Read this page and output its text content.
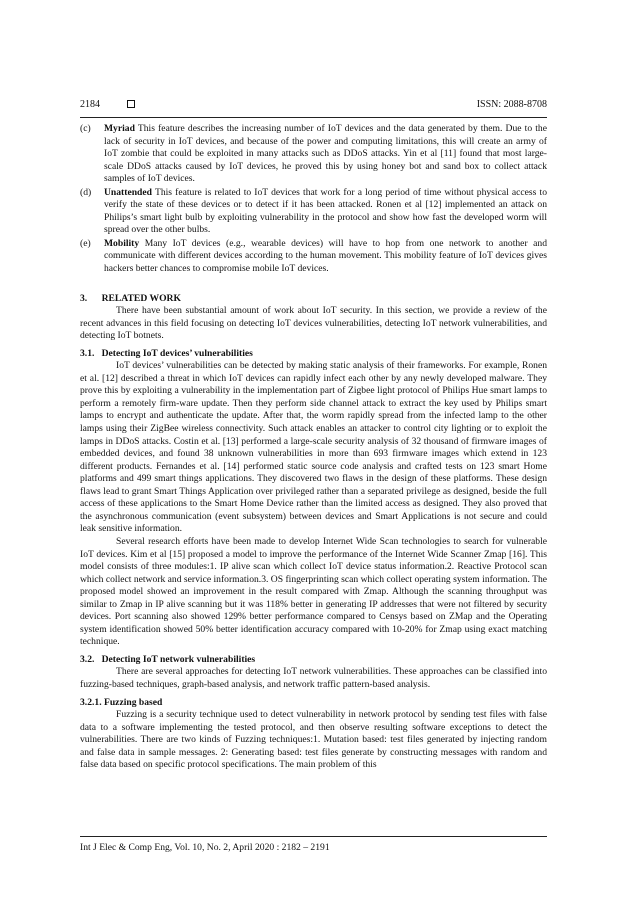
2184	ISSN: 2088-8708
(c)	Myriad This feature describes the increasing number of IoT devices and the data generated by them. Due to the lack of security in IoT devices, and because of the power and computing limitations, this will create an army of IoT zombie that could be exploited in many attacks such as DDoS attacks. Yin et al [11] found that most large-scale DDoS attacks caused by IoT devices, he proved this by using honey bot and sand box to collect attack samples of IoT devices.
(d)	Unattended This feature is related to IoT devices that work for a long period of time without physical access to verify the state of these devices or to detect if it has been attacked. Ronen et al [12] implemented an attack on Philips’s smart light bulb by exploiting vulnerability in the protocol and show how fast the developed worm will spread over the other bulbs.
(e)	Mobility Many IoT devices (e.g., wearable devices) will have to hop from one network to another and communicate with different devices according to the human movement. This mobility feature of IoT devices gives hackers better chances to compromise mobile IoT devices.
3.      RELATED WORK

There have been substantial amount of work about IoT security. In this section, we provide a review of the recent advances in this field focusing on detecting IoT devices vulnerabilities, detecting IoT network vulnerabilities, and detecting IoT botnets.

3.1.   Detecting IoT devices’ vulnerabilities

IoT devices’ vulnerabilities can be detected by making static analysis of their frameworks. For example, Ronen et al. [12] described a threat in which IoT devices can rapidly infect each other by any newly developed malware. They prove this by exploiting a vulnerability in the implementation part of Zigbee light protocol of Philips Hue smart lamps to perform a remotely firm-ware update. Then they perform side channel attack to extract the key used by Philips smart lamps to encrypt and authenticate the update. After that, the worm rapidly spread from the infected lamp to the other lamps using their ZigBee wireless connectivity. Such attack enables an attacker to control city lighting or to exploit the lamps in DDoS attacks. Costin et al. [13] performed a large-scale security analysis of 32 thousand of firmware images of embedded devices, and found 38 unknown vulnerabilities in more than 693 firmware images which extend in 123 different products. Fernandes et al. [14] performed static source code analysis and crafted tests on 123 smart Home platforms and 499 smart things applications. They discovered two flaws in the design of these platforms. These design flaws lead to grant Smart Things Application over privileged rather than a separated privilege as designed, beside the full access of these applications to the Smart Home Device rather than the limited access as designed. They also proved that the asynchronous communication (event subsystem) between devices and Smart Applications is not secure and could leak sensitive information.

Several research efforts have been made to develop Internet Wide Scan technologies to search for vulnerable IoT devices. Kim et al [15] proposed a model to improve the performance of the Internet Wide Scanner Zmap [16]. This model consists of three modules:1. IP alive scan which collect IoT device status information.2. Reactive Protocol scan which collect network and service information.3. OS fingerprinting scan which collect operating system information. The proposed model showed an improvement in the result compared with Zmap. Although the scanning throughput was similar to Zmap in IP alive scanning but it was 118% better in generating IP addresses that were not filtered by security devices. Port scanning also showed 129% better performance compared to Censys based on ZMap and the Operating system identification showed 50% better identification accuracy compared with 10-20% for Zmap using exact matching technique.

3.2.   Detecting IoT network vulnerabilities

There are several approaches for detecting IoT network vulnerabilities. These approaches can be classified into fuzzing-based techniques, graph-based analysis, and network traffic pattern-based analysis.

3.2.1. Fuzzing based

Fuzzing is a security technique used to detect vulnerability in network protocol by sending test files with false data to a software implementing the tested protocol, and then observe resulting software exceptions to detect the vulnerabilities. There are two kinds of Fuzzing techniques:1. Mutation based: test files generated by injecting random and false data in sample messages. 2: Generating based: test files generate by constructing messages with random and false data based on specific protocol specifications. The main problem of this

Int J Elec & Comp Eng, Vol. 10, No. 2, April 2020 : 2182 – 2191
